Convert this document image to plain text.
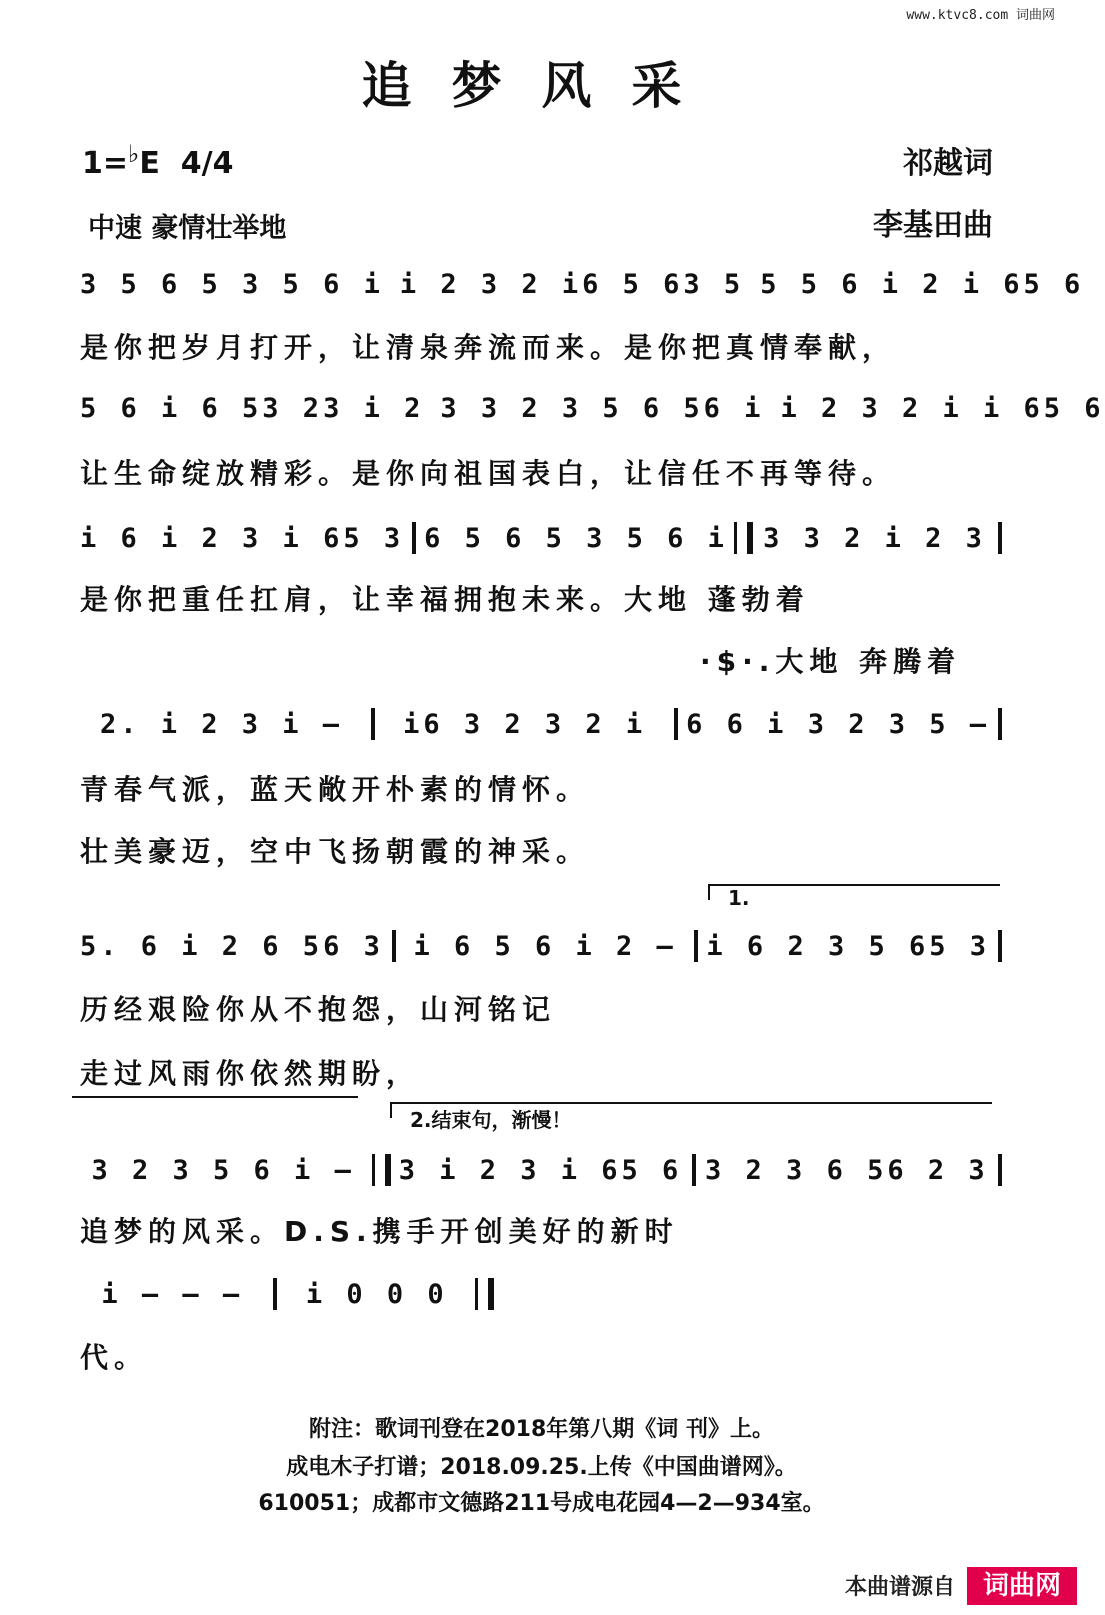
www.ktvc8.com 词曲网
追梦风采
1=♭E 4/4	祁越词
李基田曲
中速 豪情壮举地
3 5 6 5 3 5 6 i i 2 3 2 i6 5 63 5 5 5 6 i 2 i 65 6
是你把岁月打开，让清泉奔流而来。是你把真情奉献，
5 6 i 6 53 23 i 2 3 3 2 3 5 6 56 i i 2 3 2 i i 65 6
让生命绽放精彩。是你向祖国表白，让信任不再等待。
i 6 i 2 3 i 65 3 6 5 6 5 3 5 6 i 3 3 2 i 2 3
是你把重任扛肩，让幸福拥抱未来。大地 蓬勃着
·$·.大地 奔腾着
2. i 2 3 i –	i6 3 2 3 2 i	6 6 i 3 2 3 5 –
青春气派，蓝天敞开朴素的情怀。
壮美豪迈，空中飞扬朝霞的神采。
1.
5. 6 i 2 6 56 3	i 6 5 6 i 2 –	i 6 2 3 5 65 3
历经艰险你从不抱怨，山河铭记
走过风雨你依然期盼，
2.结束句，渐慢！
3 2 3 5 6 i –	3 i 2 3 i 65 6 3 2 3 6 56 2 3
追梦的风采。D.S.携手开创美好的新时
i – – –	i 0 0 0
代。
附注：歌词刊登在2018年第八期《词 刊》上。
成电木子打谱；2018.09.25.上传《中国曲谱网》。
610051；成都市文德路211号成电花园4—2—934室。
本曲谱源自	词曲网
